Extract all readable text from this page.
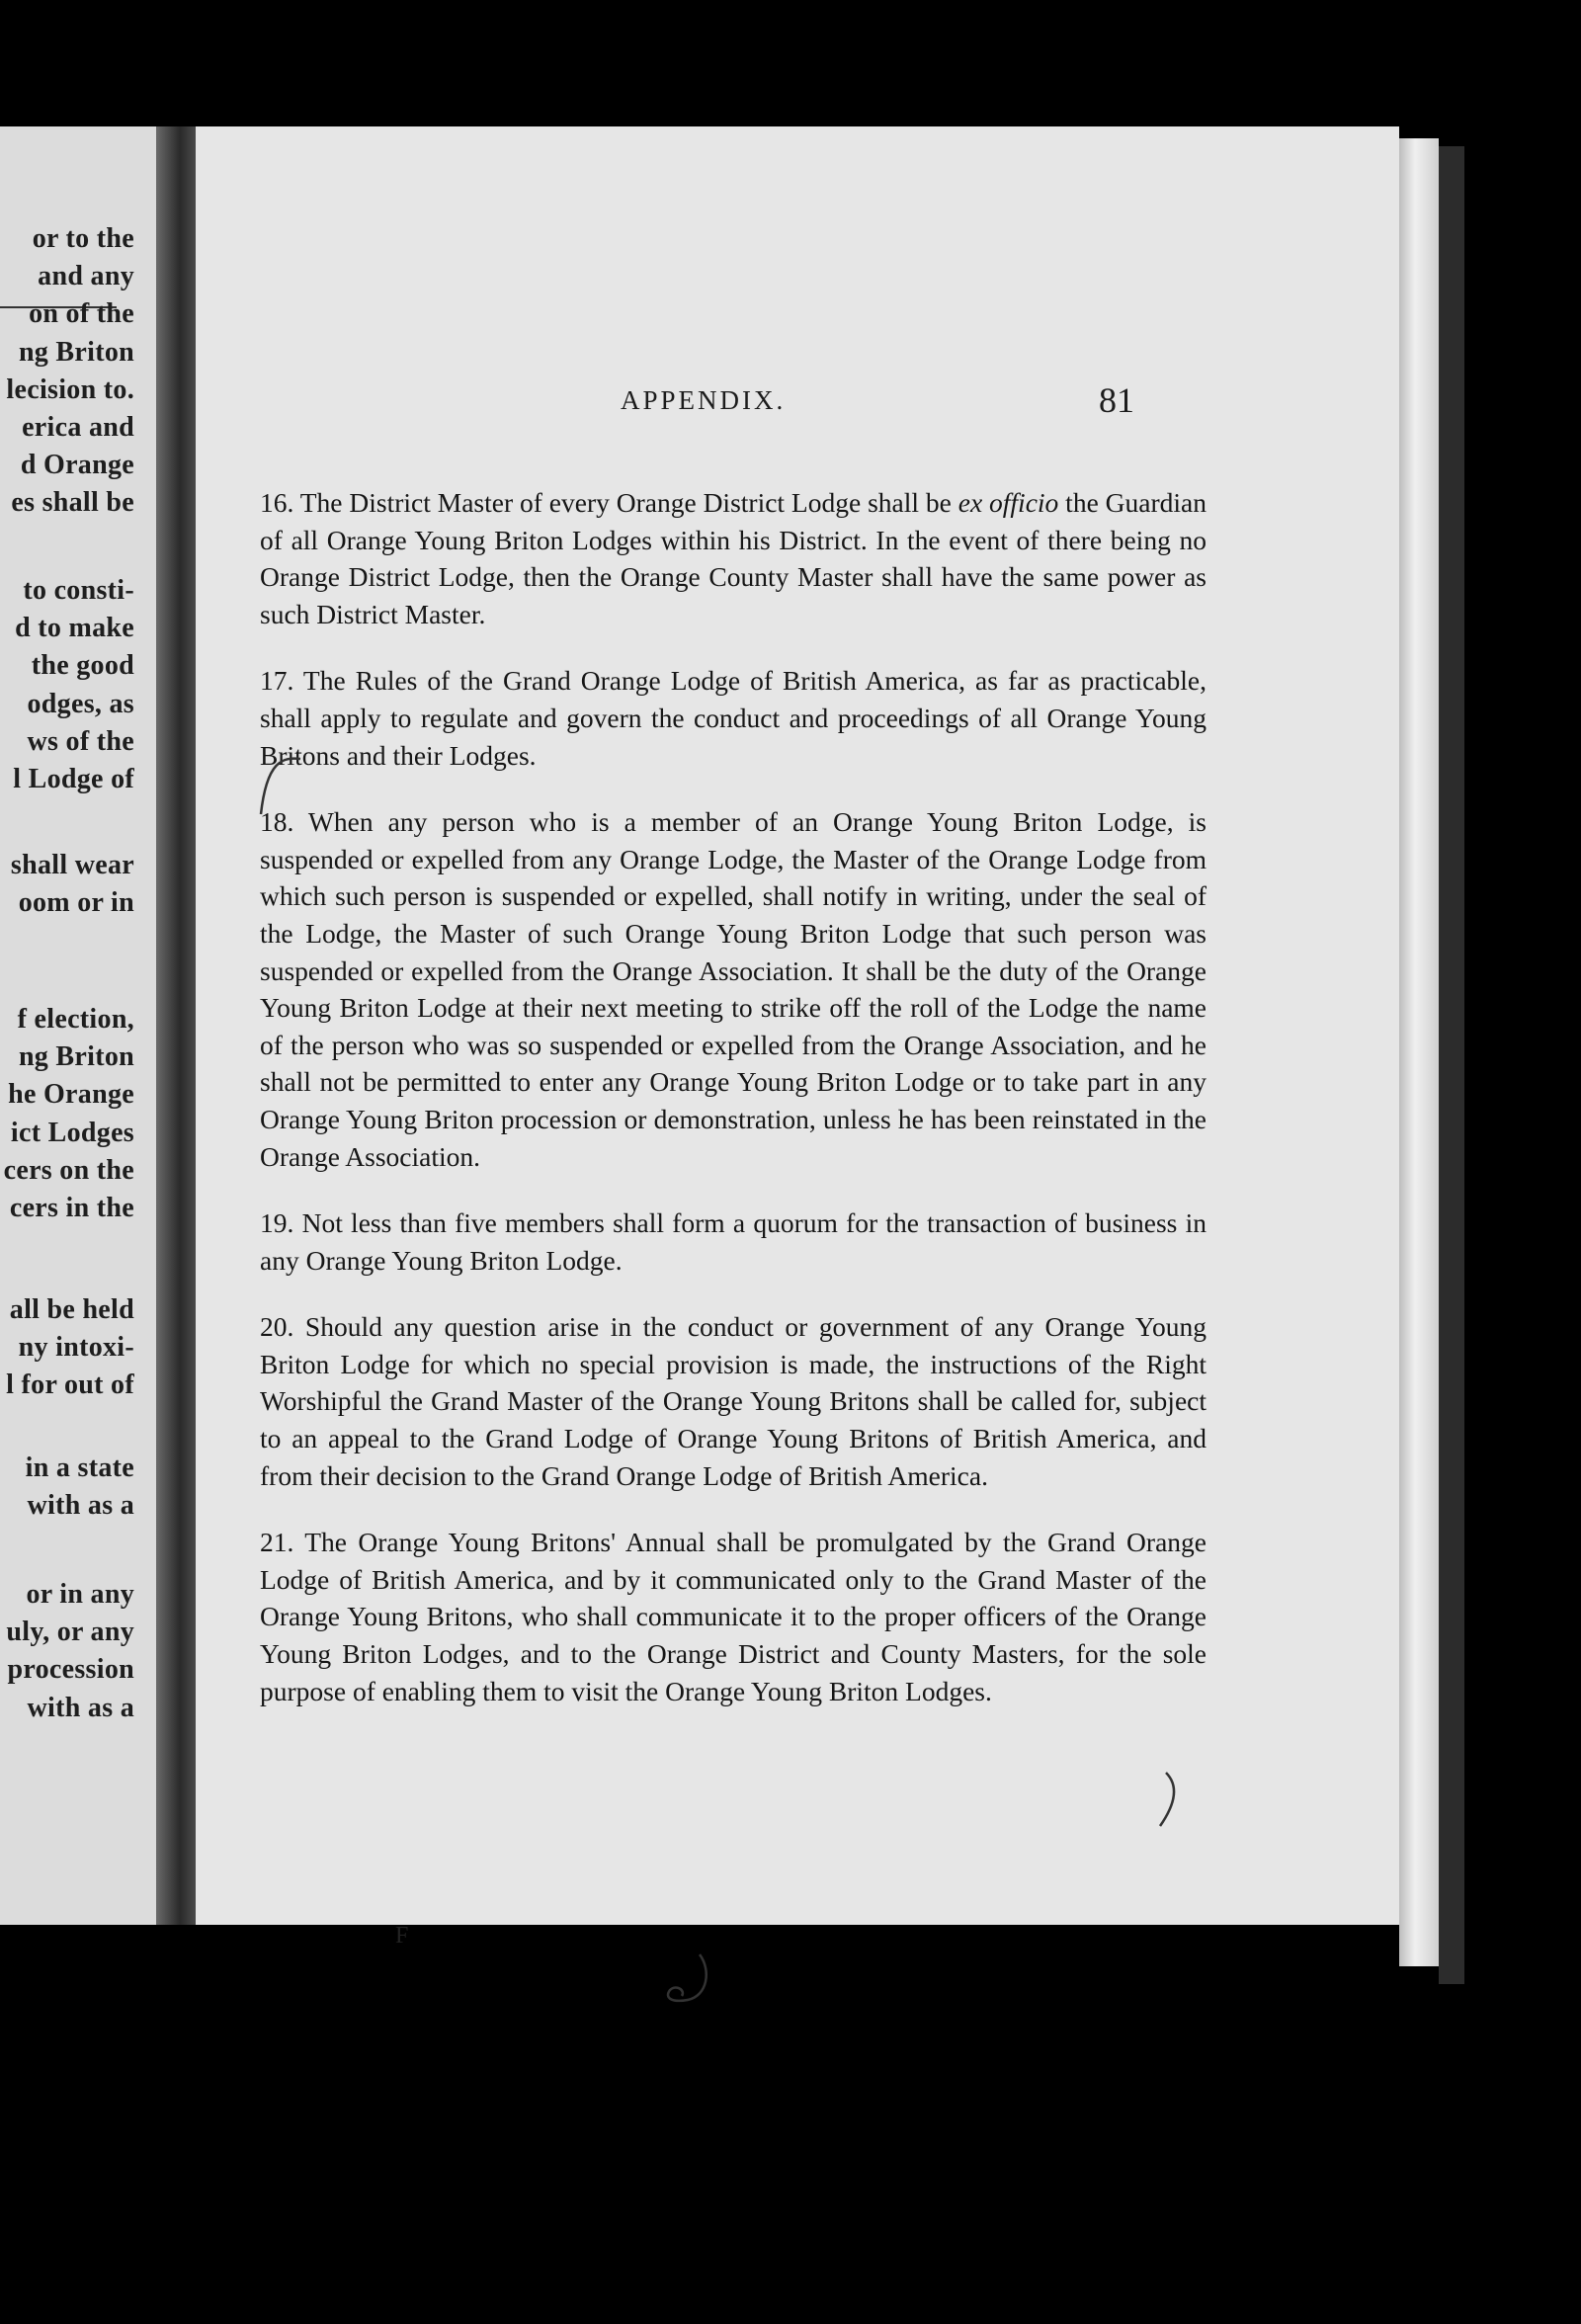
or to the
and any
on of the
ng Briton
lecision to.
erica and
d Orange
es shall be
to consti-
d to make
the good
odges, as
ws of the
l Lodge of
shall wear
oom or in
f election,
ng Briton
he Orange
ict Lodges
cers on the
cers in the
all be held
ny intoxi-
l for out of
in a state
with as a
or in any
uly, or any
procession
with as a
APPENDIX.	81

16. The District Master of every Orange District Lodge shall be ex officio the Guardian of all Orange Young Briton Lodges within his District. In the event of there being no Orange District Lodge, then the Orange County Master shall have the same power as such District Master.

17. The Rules of the Grand Orange Lodge of British America, as far as practicable, shall apply to regulate and govern the conduct and proceedings of all Orange Young Britons and their Lodges.

18. When any person who is a member of an Orange Young Briton Lodge, is suspended or expelled from any Orange Lodge, the Master of the Orange Lodge from which such person is suspended or expelled, shall notify in writing, under the seal of the Lodge, the Master of such Orange Young Briton Lodge that such person was suspended or expelled from the Orange Association. It shall be the duty of the Orange Young Briton Lodge at their next meeting to strike off the roll of the Lodge the name of the person who was so suspended or expelled from the Orange Association, and he shall not be permitted to enter any Orange Young Briton Lodge or to take part in any Orange Young Briton procession or demonstration, unless he has been reinstated in the Orange Association.

19. Not less than five members shall form a quorum for the transaction of business in any Orange Young Briton Lodge.

20. Should any question arise in the conduct or government of any Orange Young Briton Lodge for which no special provision is made, the instructions of the Right Worshipful the Grand Master of the Orange Young Britons shall be called for, subject to an appeal to the Grand Lodge of Orange Young Britons of British America, and from their decision to the Grand Orange Lodge of British America.

21. The Orange Young Britons' Annual shall be promulgated by the Grand Orange Lodge of British America, and by it communicated only to the Grand Master of the Orange Young Britons, who shall communicate it to the proper officers of the Orange Young Briton Lodges, and to the Orange District and County Masters, for the sole purpose of enabling them to visit the Orange Young Briton Lodges.

F
